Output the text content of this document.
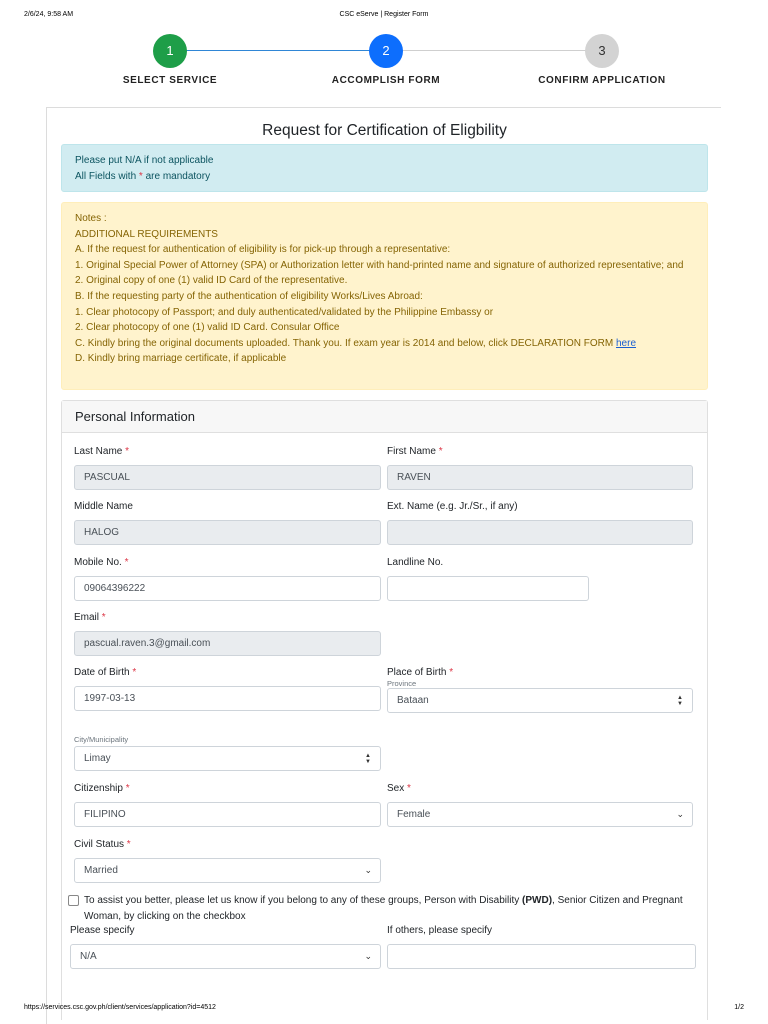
2/6/24, 9:58 AM	CSC eServe | Register Form
1
SELECT SERVICE
2
ACCOMPLISH FORM
3
CONFIRM APPLICATION
Request for Certification of Eligbility
Please put N/A if not applicable
All Fields with * are mandatory
Notes :
ADDITIONAL REQUIREMENTS
A. If the request for authentication of eligibility is for pick-up through a representative:
1. Original Special Power of Attorney (SPA) or Authorization letter with hand-printed name and signature of authorized representative; and
2. Original copy of one (1) valid ID Card of the representative.
B. If the requesting party of the authentication of eligibility Works/Lives Abroad:
1. Clear photocopy of Passport; and duly authenticated/validated by the Philippine Embassy or
2. Clear photocopy of one (1) valid ID Card. Consular Office
C. Kindly bring the original documents uploaded. Thank you. If exam year is 2014 and below, click DECLARATION FORM here
D. Kindly bring marriage certificate, if applicable
Personal Information
Last Name *
PASCUAL
First Name *
RAVEN
Middle Name
HALOG
Ext. Name (e.g. Jr./Sr., if any)
Mobile No. *
09064396222
Landline No.
Email *
pascual.raven.3@gmail.com
Date of Birth *
1997-03-13
Place of Birth *
Province
Bataan	▲
▼
City/Municipality
Limay	▲
▼
Citizenship *
FILIPINO
Sex *
Female	⌄
Civil Status *
Married	⌄
To assist you better, please let us know if you belong to any of these groups, Person with Disability (PWD), Senior Citizen and Pregnant Woman, by clicking on the checkbox
Please specify
N/A	⌄
If others, please specify
https://services.csc.gov.ph/client/services/application?id=4512	1/2
